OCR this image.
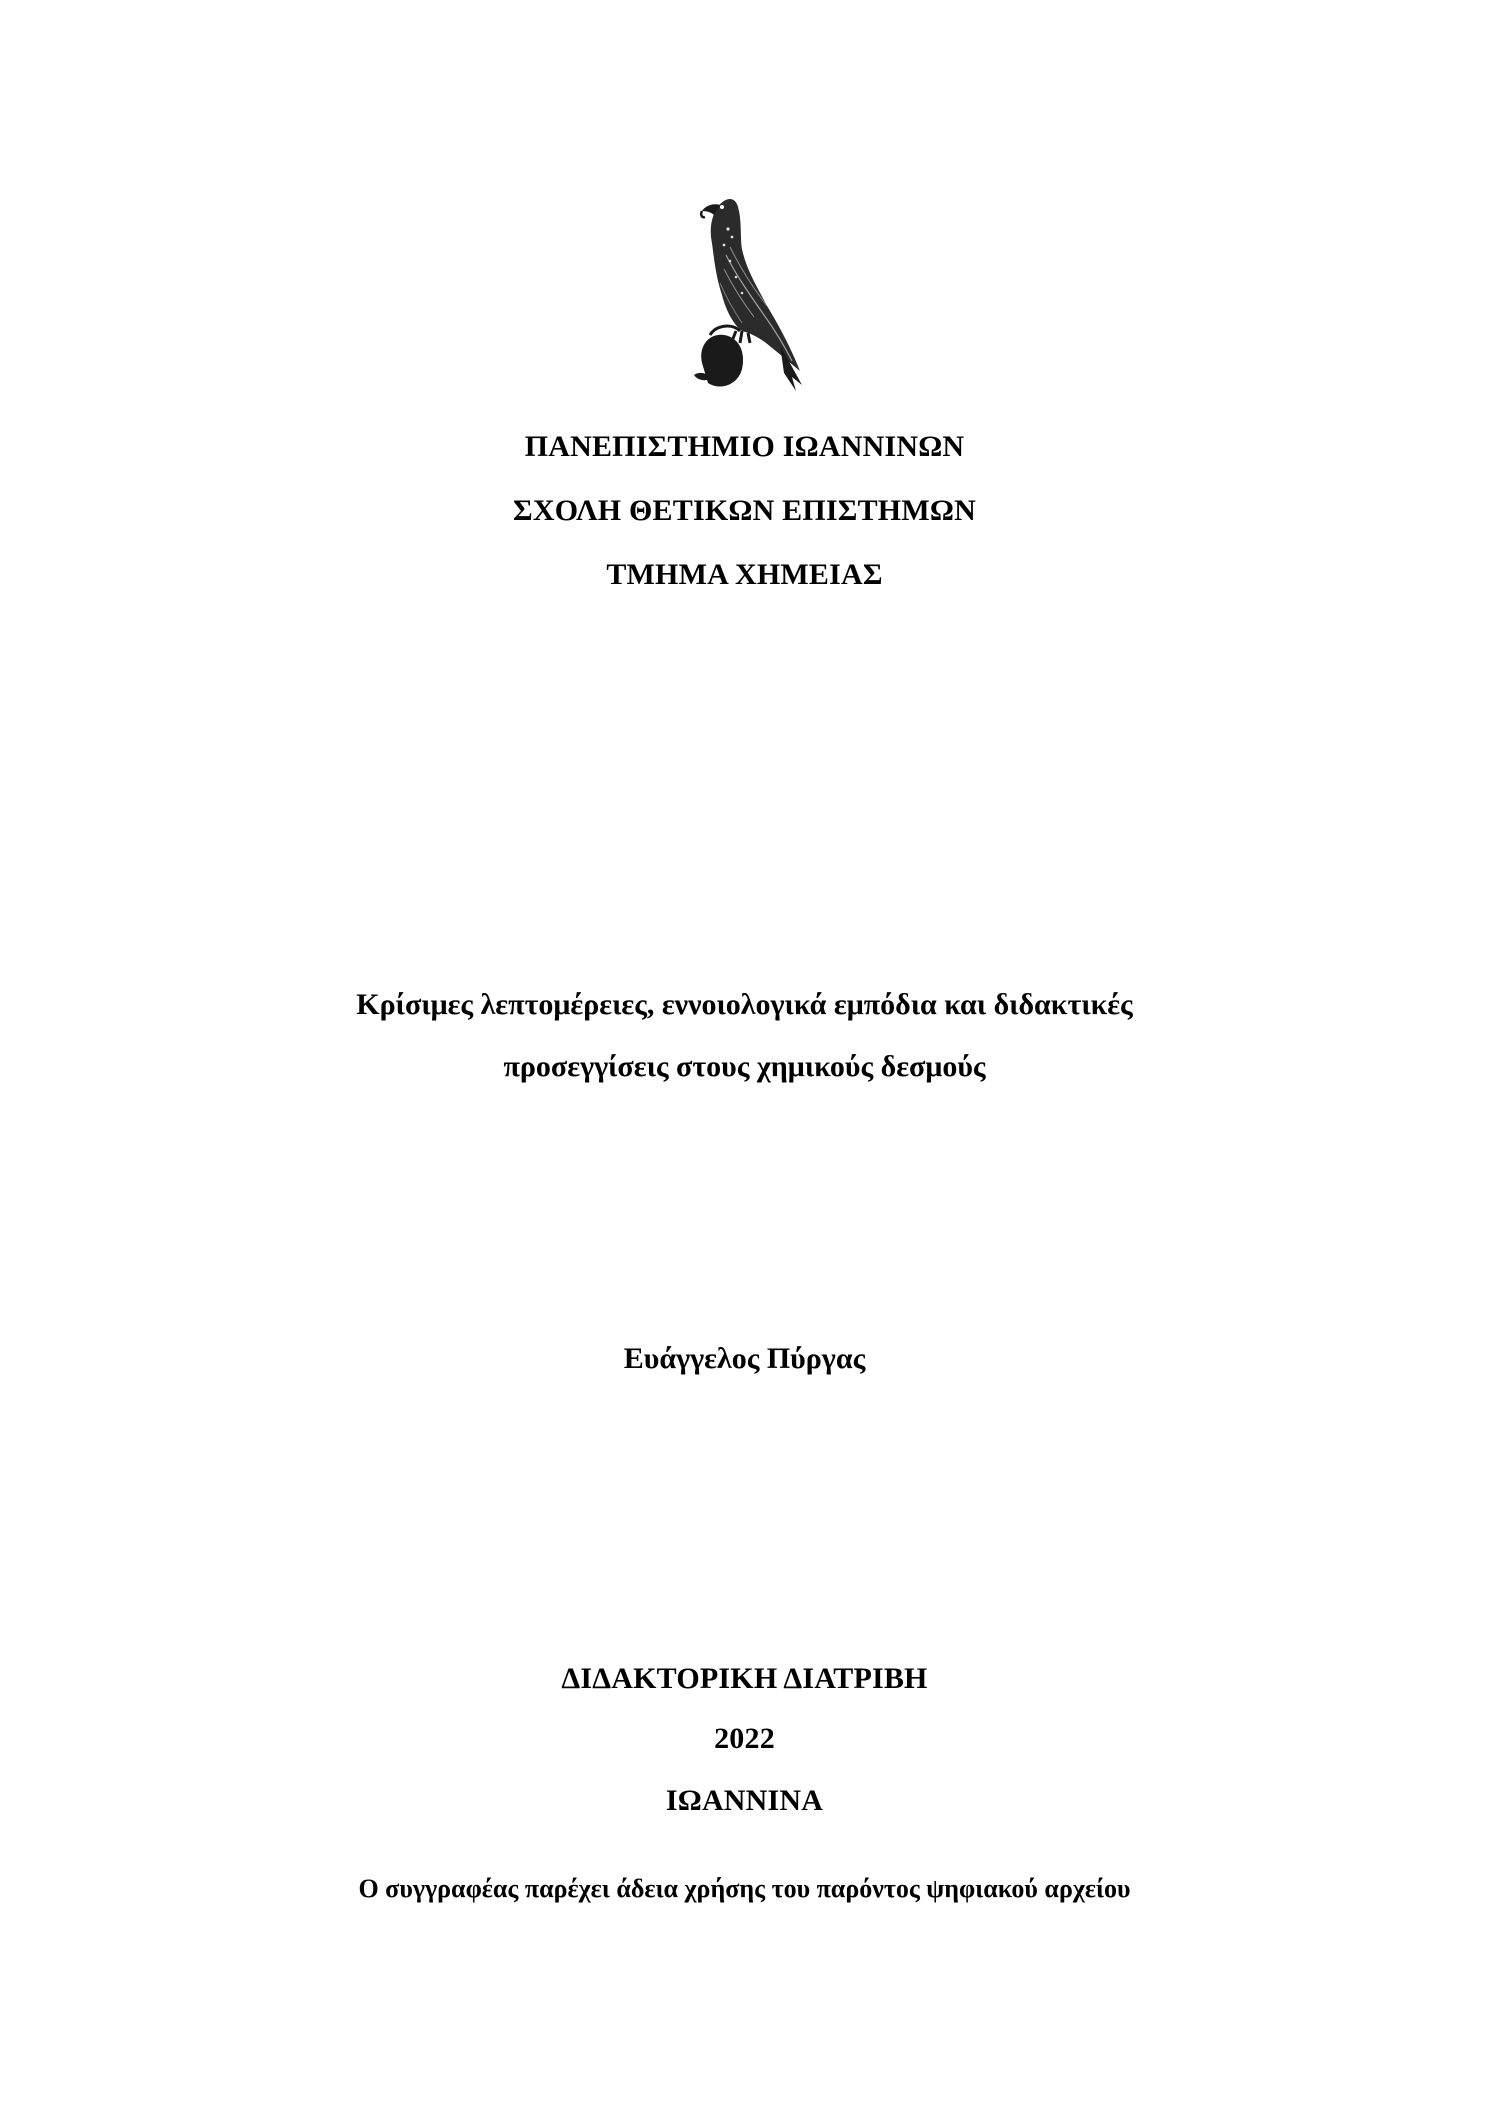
ΠΑΝΕΠΙΣΤΗΜΙΟ ΙΩΑΝΝΙΝΩΝ
ΣΧΟΛΗ ΘΕΤΙΚΩΝ ΕΠΙΣΤΗΜΩΝ
ΤΜΗΜΑ ΧΗΜΕΙΑΣ
Κρίσιμες λεπτομέρειες, εννοιολογικά εμπόδια και διδακτικές
προσεγγίσεις στους χημικούς δεσμούς
Ευάγγελος Πύργας
ΔΙΔΑΚΤΟΡΙΚΗ ΔΙΑΤΡΙΒΗ
2022
ΙΩΑΝΝΙΝΑ
Ο συγγραφέας παρέχει άδεια χρήσης του παρόντος ψηφιακού αρχείου
